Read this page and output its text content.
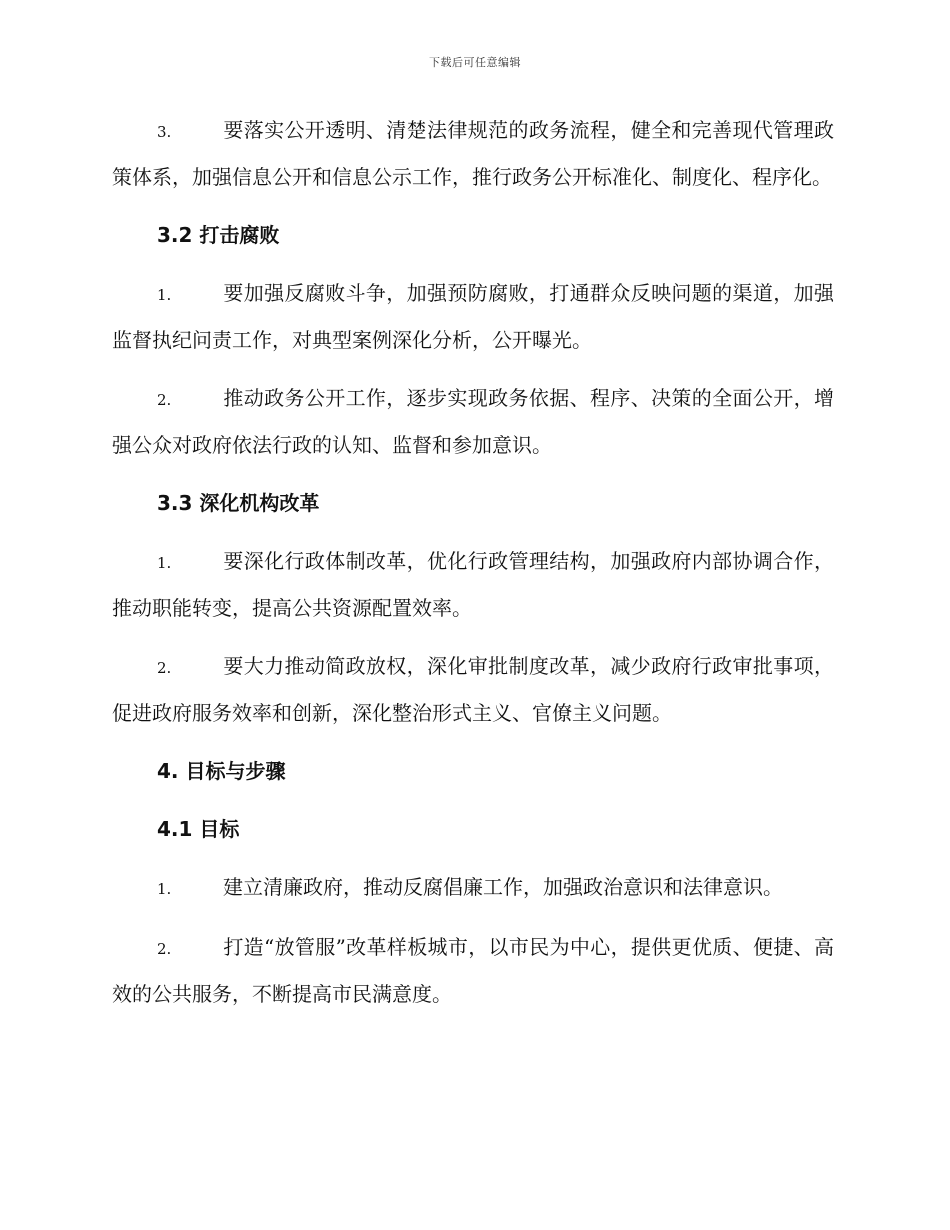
下载后可任意编辑

3.	要落实公开透明、清楚法律规范的政务流程，健全和完善现代管理政策体系，加强信息公开和信息公示工作，推行政务公开标准化、制度化、程序化。

3.2 打击腐败

1.	要加强反腐败斗争，加强预防腐败，打通群众反映问题的渠道，加强监督执纪问责工作，对典型案例深化分析，公开曝光。

2.	推动政务公开工作，逐步实现政务依据、程序、决策的全面公开，增强公众对政府依法行政的认知、监督和参加意识。

3.3 深化机构改革

1.	要深化行政体制改革，优化行政管理结构，加强政府内部协调合作，推动职能转变，提高公共资源配置效率。

2.	要大力推动简政放权，深化审批制度改革，减少政府行政审批事项，促进政府服务效率和创新，深化整治形式主义、官僚主义问题。

4. 目标与步骤
4.1 目标

1.	建立清廉政府，推动反腐倡廉工作，加强政治意识和法律意识。

2.	打造“放管服”改革样板城市，以市民为中心，提供更优质、便捷、高效的公共服务，不断提高市民满意度。
